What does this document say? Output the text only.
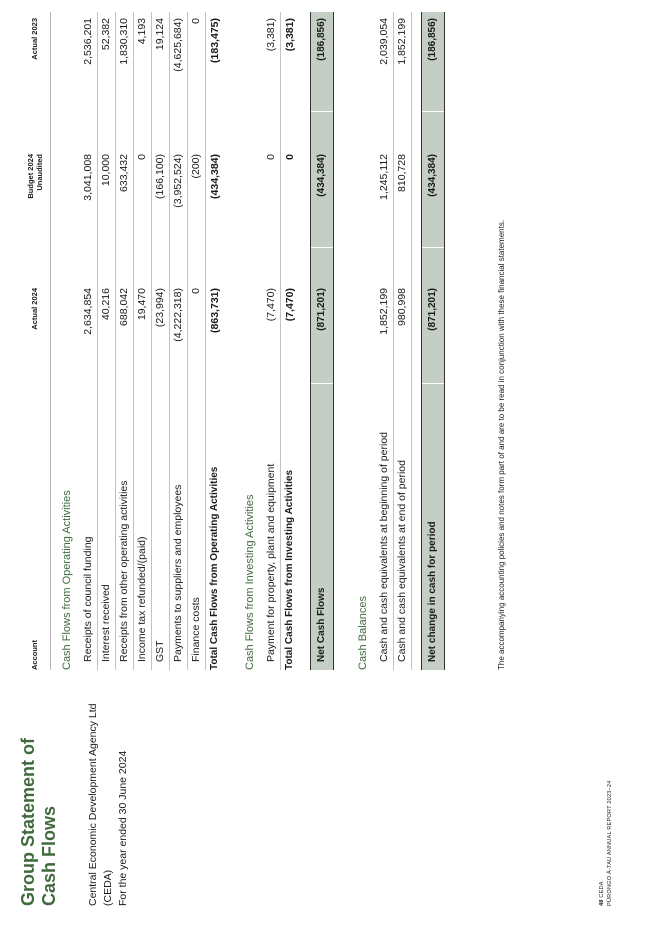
Group Statement of Cash Flows	Central Economic Development Agency Ltd (CEDA) For the year ended 30 June 2024	48 CEDA PŪRONGO Ā-TAU ANNUAL REPORT 2023–24
Account
Actual 2024
Budget 2024 Unaudited
Actual 2023
Cash Flows from Operating Activities Receipts of council funding
2,634,854
3,041,008
2,536,201
Interest received
40,216
10,000
52,382
Receipts from other operating activities
688,042
633,432
1,830,310
Income tax refunded/(paid)
19,470
0
4,193
GST
(23,994)
(166,100)
19,124
Payments to suppliers and employees
(4,222,318)
(3,952,524)
(4,625,684)
Finance costs
0
(200)
0
Total Cash Flows from Operating Activities
(863,731)
(434,384)
(183,475)
Cash Flows from Investing Activities Payment for property, plant and equipment
(7,470)
0
(3,381)
Total Cash Flows from Investing Activities
(7,470)
0
(3,381)
Net Cash Flows
(871,201)
(434,384)
(186,856)
Cash Balances Cash and cash equivalents at beginning of period
1,852,199
1,245,112
2,039,054
Cash and cash equivalents at end of period
980,998
810,728
1,852,199
Net change in cash for period
(871,201)
(434,384)
(186,856)
The accompanying accounting policies and notes form part of and are to be read in conjunction with these financial statements.
